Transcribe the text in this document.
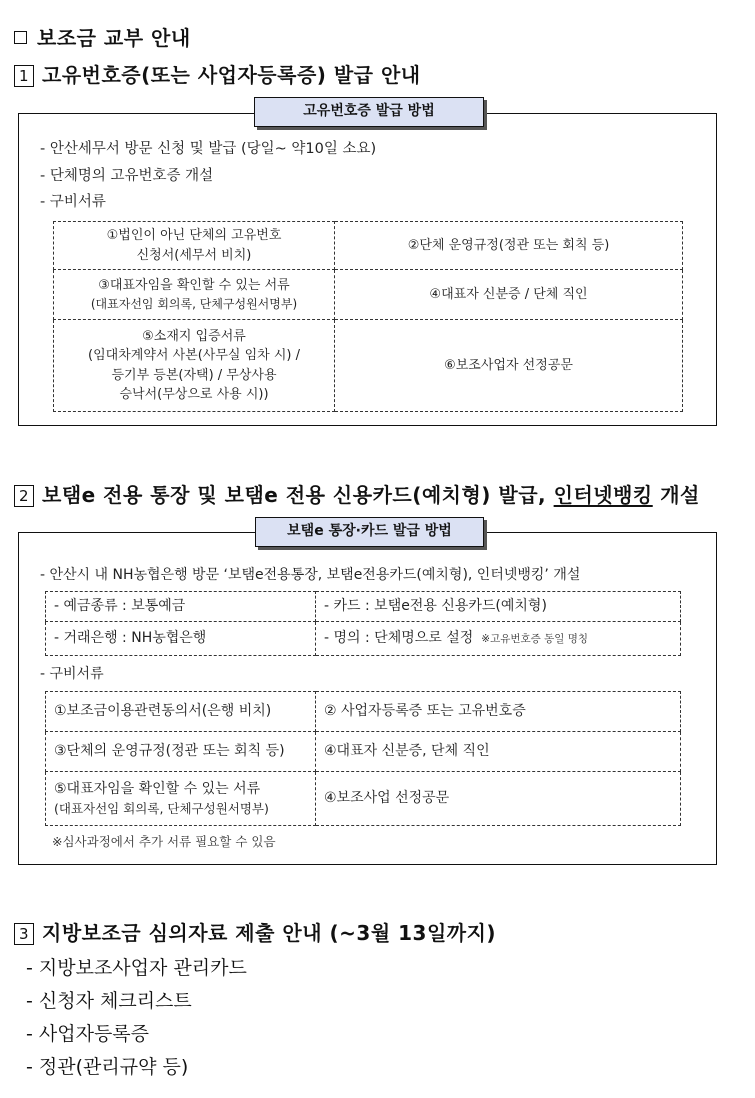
보조금 교부 안내
1 고유번호증(또는 사업자등록증) 발급 안내
고유번호증 발급 방법
- 안산세무서 방문 신청 및 발급 (당일~ 약10일 소요)
- 단체명의 고유번호증 개설
- 구비서류
①법인이 아닌 단체의 고유번호
신청서(세무서 비치)	②단체 운영규정(정관 또는 회칙 등)

③대표자임을 확인할 수 있는 서류
(대표자선임 회의록, 단체구성원서명부)	④대표자 신분증 / 단체 직인

⑤소재지 입증서류
(임대차계약서 사본(사무실 임차 시) /
등기부 등본(자택) / 무상사용
승낙서(무상으로 사용 시))	⑥보조사업자 선정공문
2 보탬e 전용 통장 및 보탬e 전용 신용카드(예치형) 발급, 인터넷뱅킹 개설
보탬e 통장·카드 발급 방법
- 안산시 내 NH농협은행 방문 ‘보탬e전용통장, 보탬e전용카드(예치형), 인터넷뱅킹’ 개설
- 예금종류 : 보통예금	- 카드 : 보탬e전용 신용카드(예치형)
- 거래은행 : NH농협은행	- 명의 : 단체명으로 설정 ※고유번호증 동일 명칭
- 구비서류
①보조금이용관련동의서(은행 비치)	② 사업자등록증 또는 고유번호증

③단체의 운영규정(정관 또는 회칙 등)	④대표자 신분증, 단체 직인

⑤대표자임을 확인할 수 있는 서류
(대표자선임 회의록, 단체구성원서명부)	④보조사업 선정공문
※심사과정에서 추가 서류 필요할 수 있음
3 지방보조금 심의자료 제출 안내 (~3월 13일까지)
- 지방보조사업자 관리카드
- 신청자 체크리스트
- 사업자등록증
- 정관(관리규약 등)
